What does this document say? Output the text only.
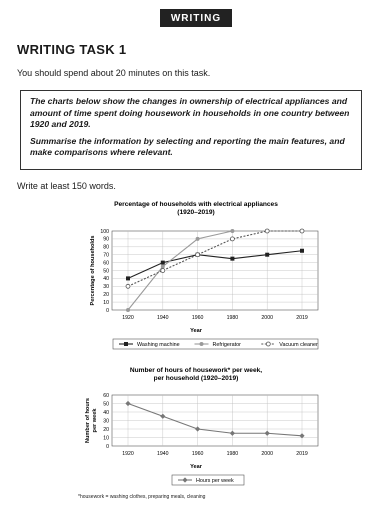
WRITING
WRITING TASK 1
You should spend about 20 minutes on this task.

The charts below show the changes in ownership of electrical appliances and amount of time spent doing housework in households in one country between 1920 and 2019.

Summarise the information by selecting and reporting the main features, and make comparisons where relevant.

Write at least 150 words.
Percentage of households with electrical appliances
(1920–2019)
0
10
20
30
40
50
60
70
80
90
100
1920	1940	1960	1980	2000	2019
Year
Percentage of households
Washing machine	Refrigerator	Vacuum cleaner
Number of hours of housework* per week,
per household (1920–2019)
0
10
20
30
40
50
60
1920	1940	1960	1980	2000	2019
Year
Number of hoursper week
Hours per week
*housework = washing clothes, preparing meals, cleaning
